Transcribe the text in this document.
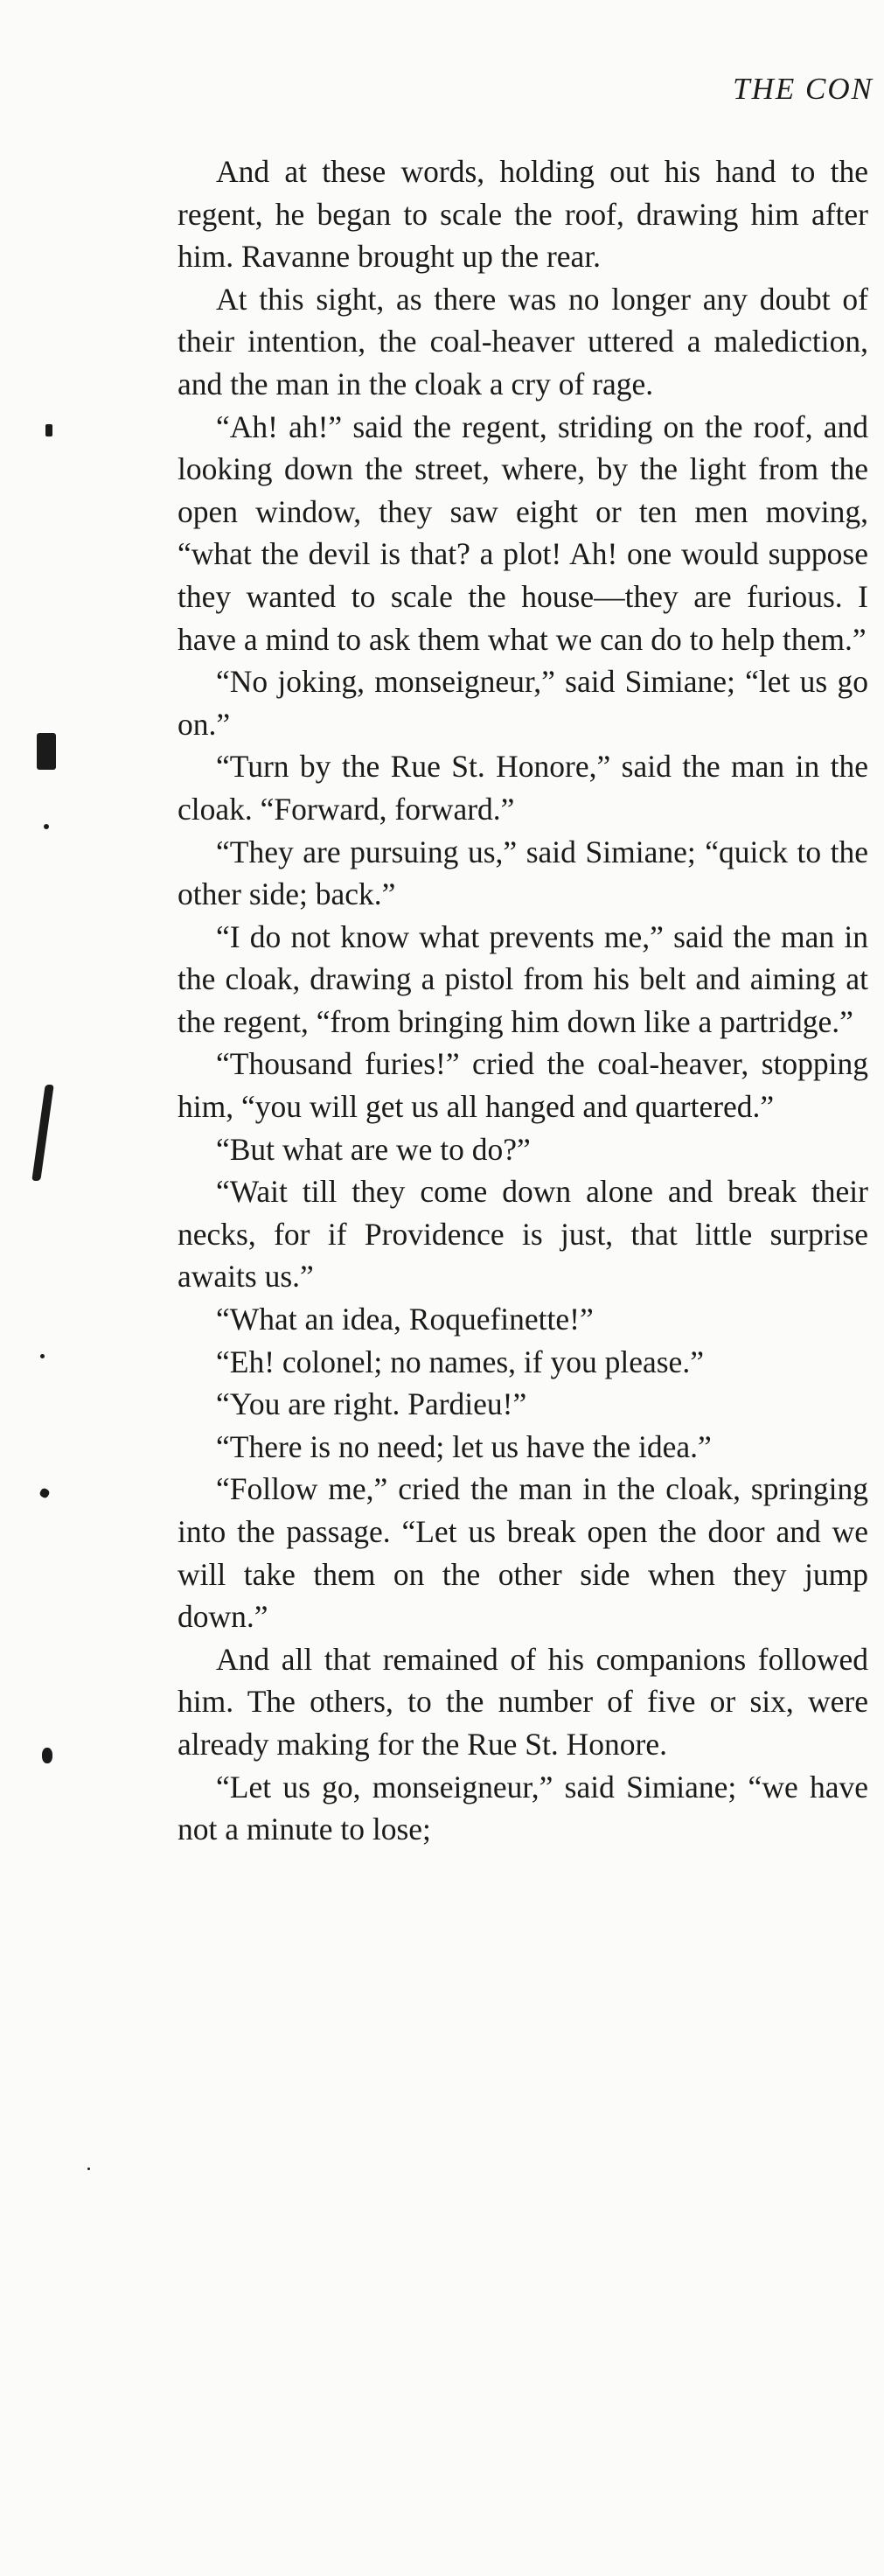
THE CON

And at these words, holding out his hand to the regent, he began to scale the roof, drawing him after him. Ravanne brought up the rear.

At this sight, as there was no longer any doubt of their intention, the coal-heaver uttered a malediction, and the man in the cloak a cry of rage.

“Ah! ah!” said the regent, striding on the roof, and looking down the street, where, by the light from the open window, they saw eight or ten men moving, “what the devil is that? a plot! Ah! one would suppose they wanted to scale the house—they are furious. I have a mind to ask them what we can do to help them.”

“No joking, monseigneur,” said Simiane; “let us go on.”

“Turn by the Rue St. Honore,” said the man in the cloak. “Forward, forward.”

“They are pursuing us,” said Simiane; “quick to the other side; back.”

“I do not know what prevents me,” said the man in the cloak, drawing a pistol from his belt and aiming at the regent, “from bringing him down like a partridge.”

“Thousand furies!” cried the coal-heaver, stopping him, “you will get us all hanged and quartered.”

“But what are we to do?”

“Wait till they come down alone and break their necks, for if Providence is just, that little surprise awaits us.”

“What an idea, Roquefinette!”

“Eh! colonel; no names, if you please.”

“You are right. Pardieu!”

“There is no need; let us have the idea.”

“Follow me,” cried the man in the cloak, springing into the passage. “Let us break open the door and we will take them on the other side when they jump down.”

And all that remained of his companions followed him. The others, to the number of five or six, were already making for the Rue St. Honore.

“Let us go, monseigneur,” said Simiane; “we have not a minute to lose;
